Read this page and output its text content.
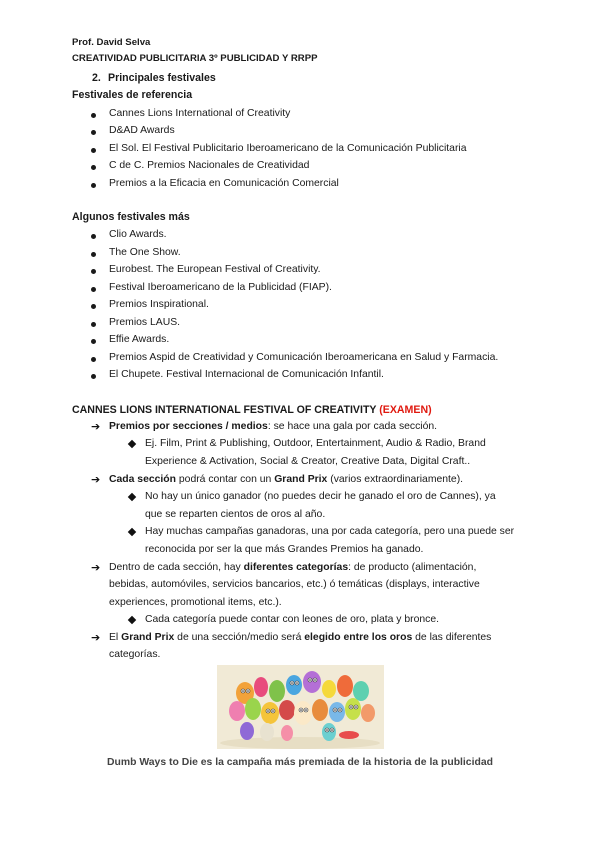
Prof. David Selva
CREATIVIDAD PUBLICITARIA 3º PUBLICIDAD Y RRPP
2. Principales festivales
Festivales de referencia
Cannes Lions International of Creativity
D&AD Awards
El Sol. El Festival Publicitario Iberoamericano de la Comunicación Publicitaria
C de C. Premios Nacionales de Creatividad
Premios a la Eficacia en Comunicación Comercial
Algunos festivales más
Clio Awards.
The One Show.
Eurobest. The European Festival of Creativity.
Festival Iberoamericano de la Publicidad (FIAP).
Premios Inspirational.
Premios LAUS.
Effie Awards.
Premios Aspid de Creatividad y Comunicación Iberoamericana en Salud y Farmacia.
El Chupete. Festival Internacional de Comunicación Infantil.
CANNES LIONS INTERNATIONAL FESTIVAL OF CREATIVITY (EXAMEN)
➔ Premios por secciones / medios: se hace una gala por cada sección.
Ej. Film, Print & Publishing, Outdoor, Entertainment, Audio & Radio, Brand
Experience & Activation, Social & Creator, Creative Data, Digital Craft..
➔ Cada sección podrá contar con un Grand Prix (varios extraordinariamente).
No hay un único ganador (no puedes decir he ganado el oro de Cannes), ya
que se reparten cientos de oros al año.
Hay muchas campañas ganadoras, una por cada categoría, pero una puede ser
reconocida por ser la que más Grandes Premios ha ganado.
➔ Dentro de cada sección, hay diferentes categorías: de producto (alimentación,
bebidas, automóviles, servicios bancarios, etc.) ó temáticas (displays, interactive
experiences, promotional items, etc.).
Cada categoría puede contar con leones de oro, plata y bronce.
➔ El Grand Prix de una sección/medio será elegido entre los oros de las diferentes
categorías.
Dumb Ways to Die es la campaña más premiada de la historia de la publicidad
